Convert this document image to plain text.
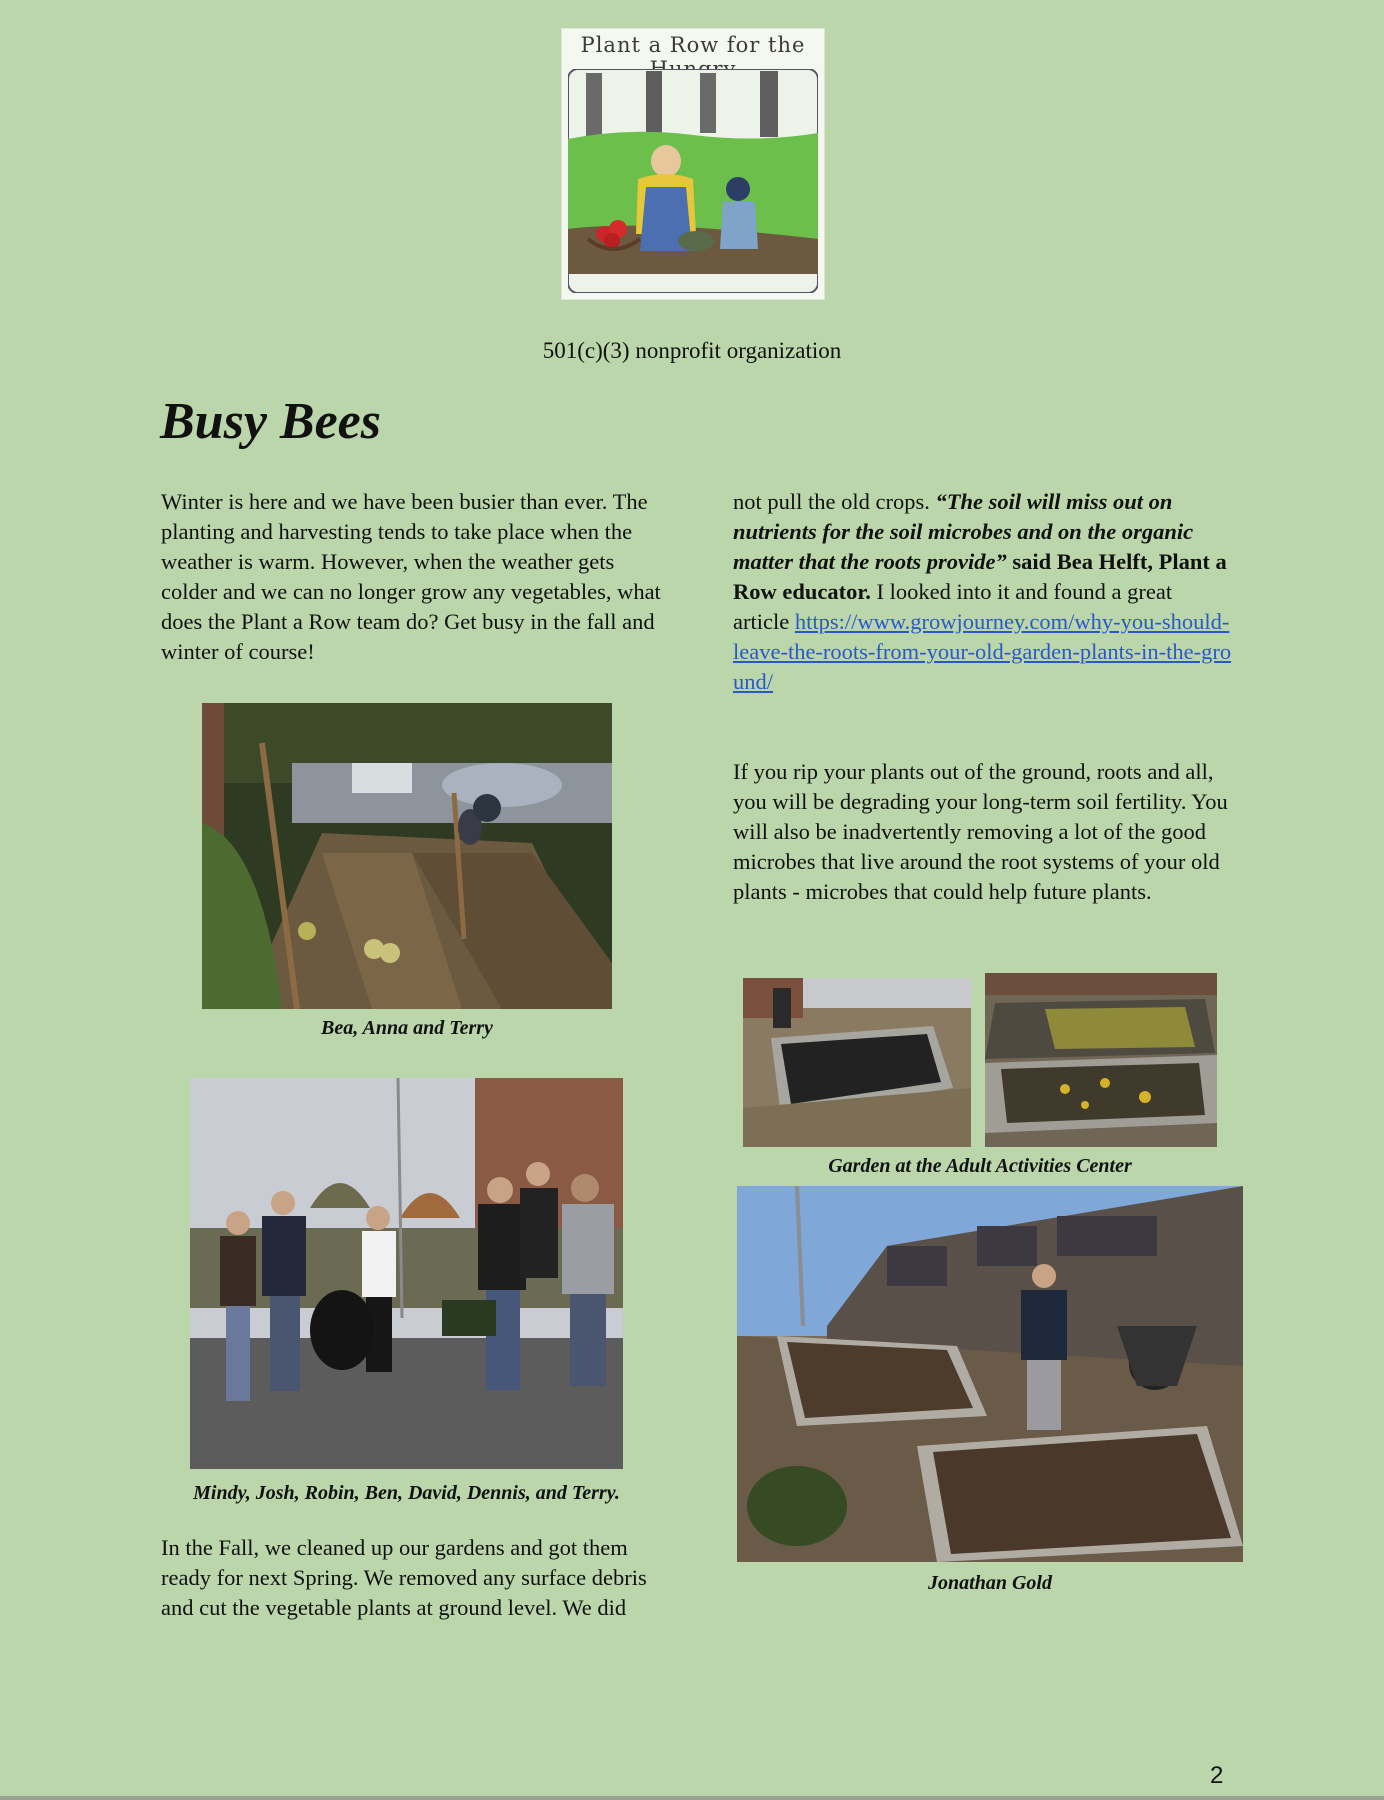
Plant a Row for the
501(c)(3) nonprofit organization
Busy Bees

Winter is here and we have been busier than ever. The planting and harvesting tends to take place when the weather is warm. However, when the weather gets colder and we can no longer grow any vegetables, what does the Plant a Row team do? Get busy in the fall and winter of course!

Bea, Anna and Terry
Mindy, Josh, Robin, Ben, David, Dennis, and Terry.

In the Fall, we cleaned up our gardens and got them ready for next Spring. We removed any surface debris and cut the vegetable plants at ground level. We did

not pull the old crops. “The soil will miss out on nutrients for the soil microbes and on the organic matter that the roots provide” said Bea Helft, Plant a Row educator. I looked into it and found a great article https://www.growjourney.com/why-you-should-leave-the-roots-from-your-old-garden-plants-in-the-ground/

If you rip your plants out of the ground, roots and all, you will be degrading your long-term soil fertility. You will also be inadvertently removing a lot of the good microbes that live around the root systems of your old plants - microbes that could help future plants.

Garden at the Adult Activities Center
Jonathan Gold
2
